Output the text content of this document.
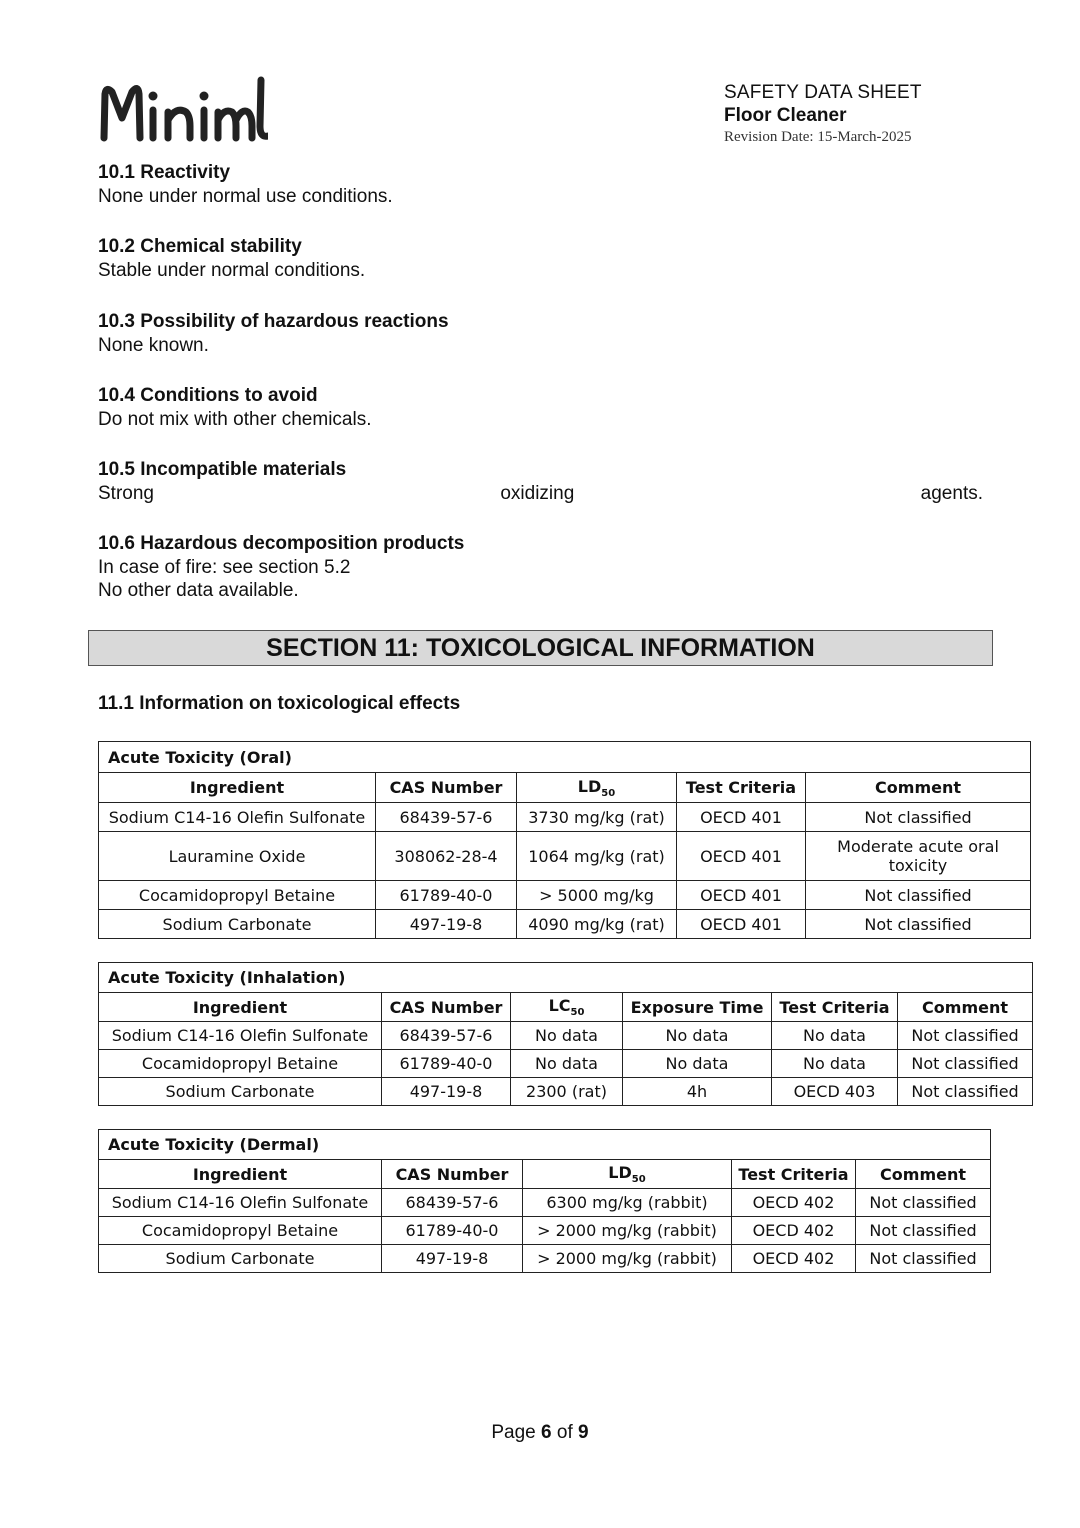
SAFETY DATA SHEET
Floor Cleaner
Revision Date: 15-March-2025
10.1 Reactivity
None under normal use conditions.
10.2 Chemical stability
Stable under normal conditions.
10.3 Possibility of hazardous reactions
None known.
10.4 Conditions to avoid
Do not mix with other chemicals.
10.5 Incompatible materials
Strong	oxidizing	agents.
10.6 Hazardous decomposition products
In case of fire: see section 5.2
No other data available.
SECTION 11: TOXICOLOGICAL INFORMATION
11.1 Information on toxicological effects
Acute Toxicity (Oral)				
Ingredient	CAS Number	$LD_{50}$	Test Criteria	Comment
Sodium C14-16 Olefin Sulfonate	68439-57-6	3730 mg/kg (rat)	OECD 401	Not classified
Lauramine Oxide	308062-28-4	1064 mg/kg (rat)	OECD 401	Moderate acute oral toxicity
Cocamidopropyl Betaine	61789-40-0	> 5000 mg/kg	OECD 401	Not classified
Sodium Carbonate	497-19-8	4090 mg/kg (rat)	OECD 401	Not classified
Acute Toxicity (Inhalation)					
Ingredient	CAS Number	$LC_{50}$	Exposure Time	Test Criteria	Comment
Sodium C14-16 Olefin Sulfonate	68439-57-6	No data	No data	No data	Not classified
Cocamidopropyl Betaine	61789-40-0	No data	No data	No data	Not classified
Sodium Carbonate	497-19-8	2300 (rat)	4h	OECD 403	Not classified
Acute Toxicity (Dermal)				
Ingredient	CAS Number	$LD_{50}$	Test Criteria	Comment
Sodium C14-16 Olefin Sulfonate	68439-57-6	6300 mg/kg (rabbit)	OECD 402	Not classified
Cocamidopropyl Betaine	61789-40-0	> 2000 mg/kg (rabbit)	OECD 402	Not classified
Sodium Carbonate	497-19-8	> 2000 mg/kg (rabbit)	OECD 402	Not classified
Page 6 of 9
